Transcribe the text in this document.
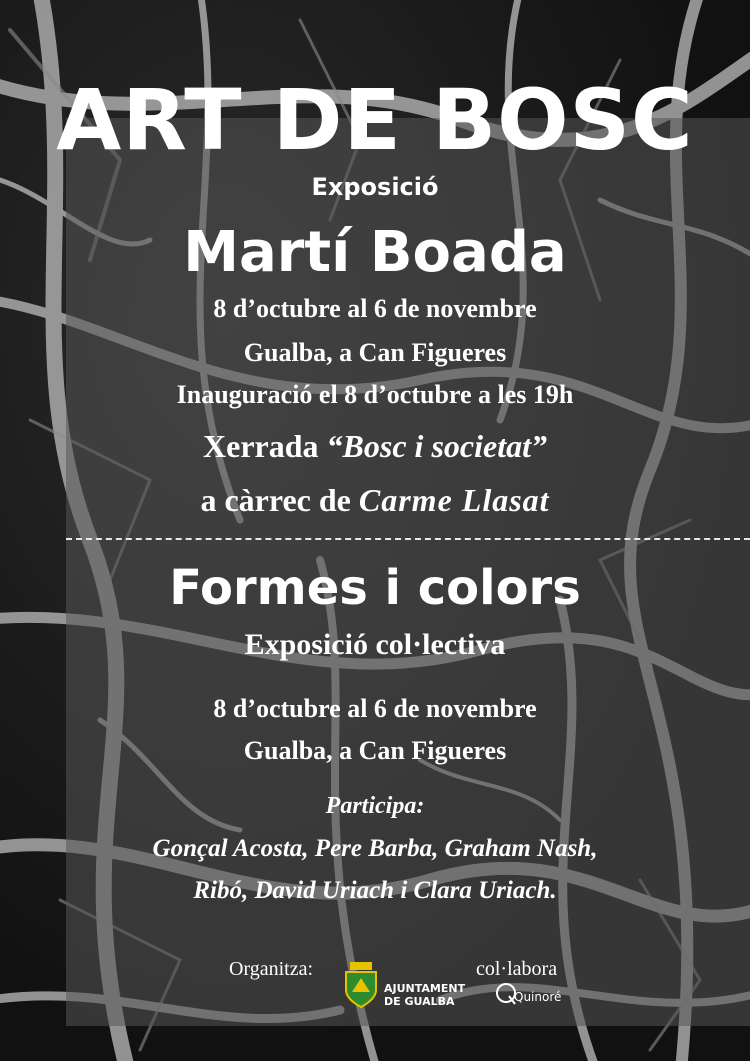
ART DE BOSC
Exposició
Martí Boada
8 d’octubre al 6 de novembre
Gualba, a Can Figueres
Inauguració el 8 d’octubre a les 19h
Xerrada “Bosc i societat”
a càrrec de Carme Llasat
Formes i colors
Exposició col·lectiva
8 d’octubre al 6 de novembre
Gualba, a Can Figueres
Participa:
Gonçal Acosta, Pere Barba, Graham Nash,
Ribó, David Uriach i Clara Uriach.
Organitza:
AJUNTAMENT
DE GUALBA
col·labora
Quinoré
